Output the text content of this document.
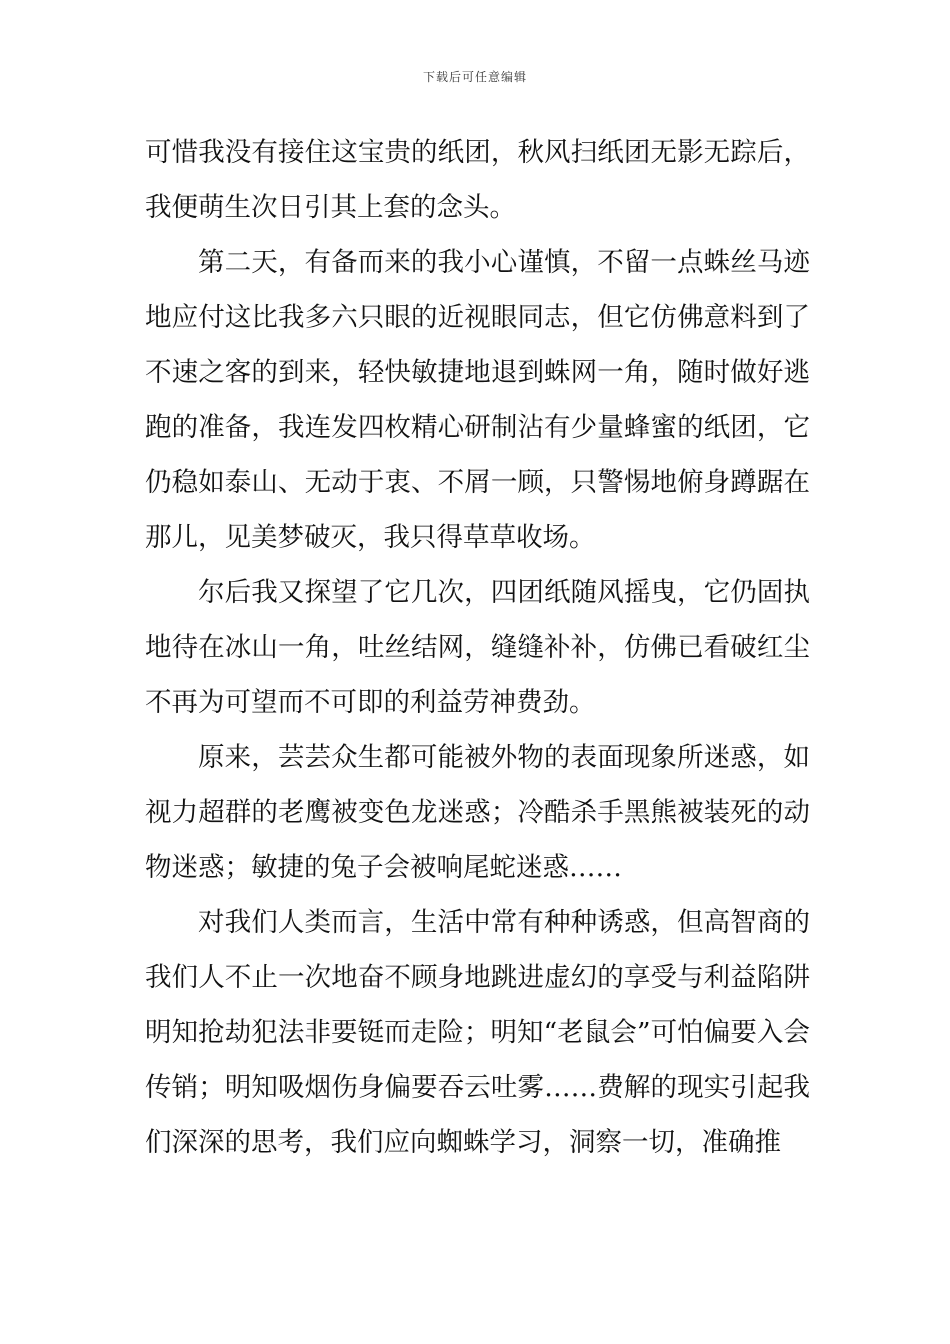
下载后可任意编辑

可惜我没有接住这宝贵的纸团，秋风扫纸团无影无踪后，我便萌生次日引其上套的念头。

第二天，有备而来的我小心谨慎，不留一点蛛丝马迹地应付这比我多六只眼的近视眼同志，但它仿佛意料到了不速之客的到来，轻快敏捷地退到蛛网一角，随时做好逃跑的准备，我连发四枚精心研制沾有少量蜂蜜的纸团，它仍稳如泰山、无动于衷、不屑一顾，只警惕地俯身蹲踞在那儿，见美梦破灭，我只得草草收场。

尔后我又探望了它几次，四团纸随风摇曳，它仍固执地待在冰山一角，吐丝结网，缝缝补补，仿佛已看破红尘不再为可望而不可即的利益劳神费劲。

原来，芸芸众生都可能被外物的表面现象所迷惑，如视力超群的老鹰被变色龙迷惑；冷酷杀手黑熊被装死的动物迷惑；敏捷的兔子会被响尾蛇迷惑……

对我们人类而言，生活中常有种种诱惑，但高智商的我们人不止一次地奋不顾身地跳进虚幻的享受与利益陷阱明知抢劫犯法非要铤而走险；明知“老鼠会”可怕偏要入会传销；明知吸烟伤身偏要吞云吐雾……费解的现实引起我们深深的思考，我们应向蜘蛛学习，洞察一切，准确推
